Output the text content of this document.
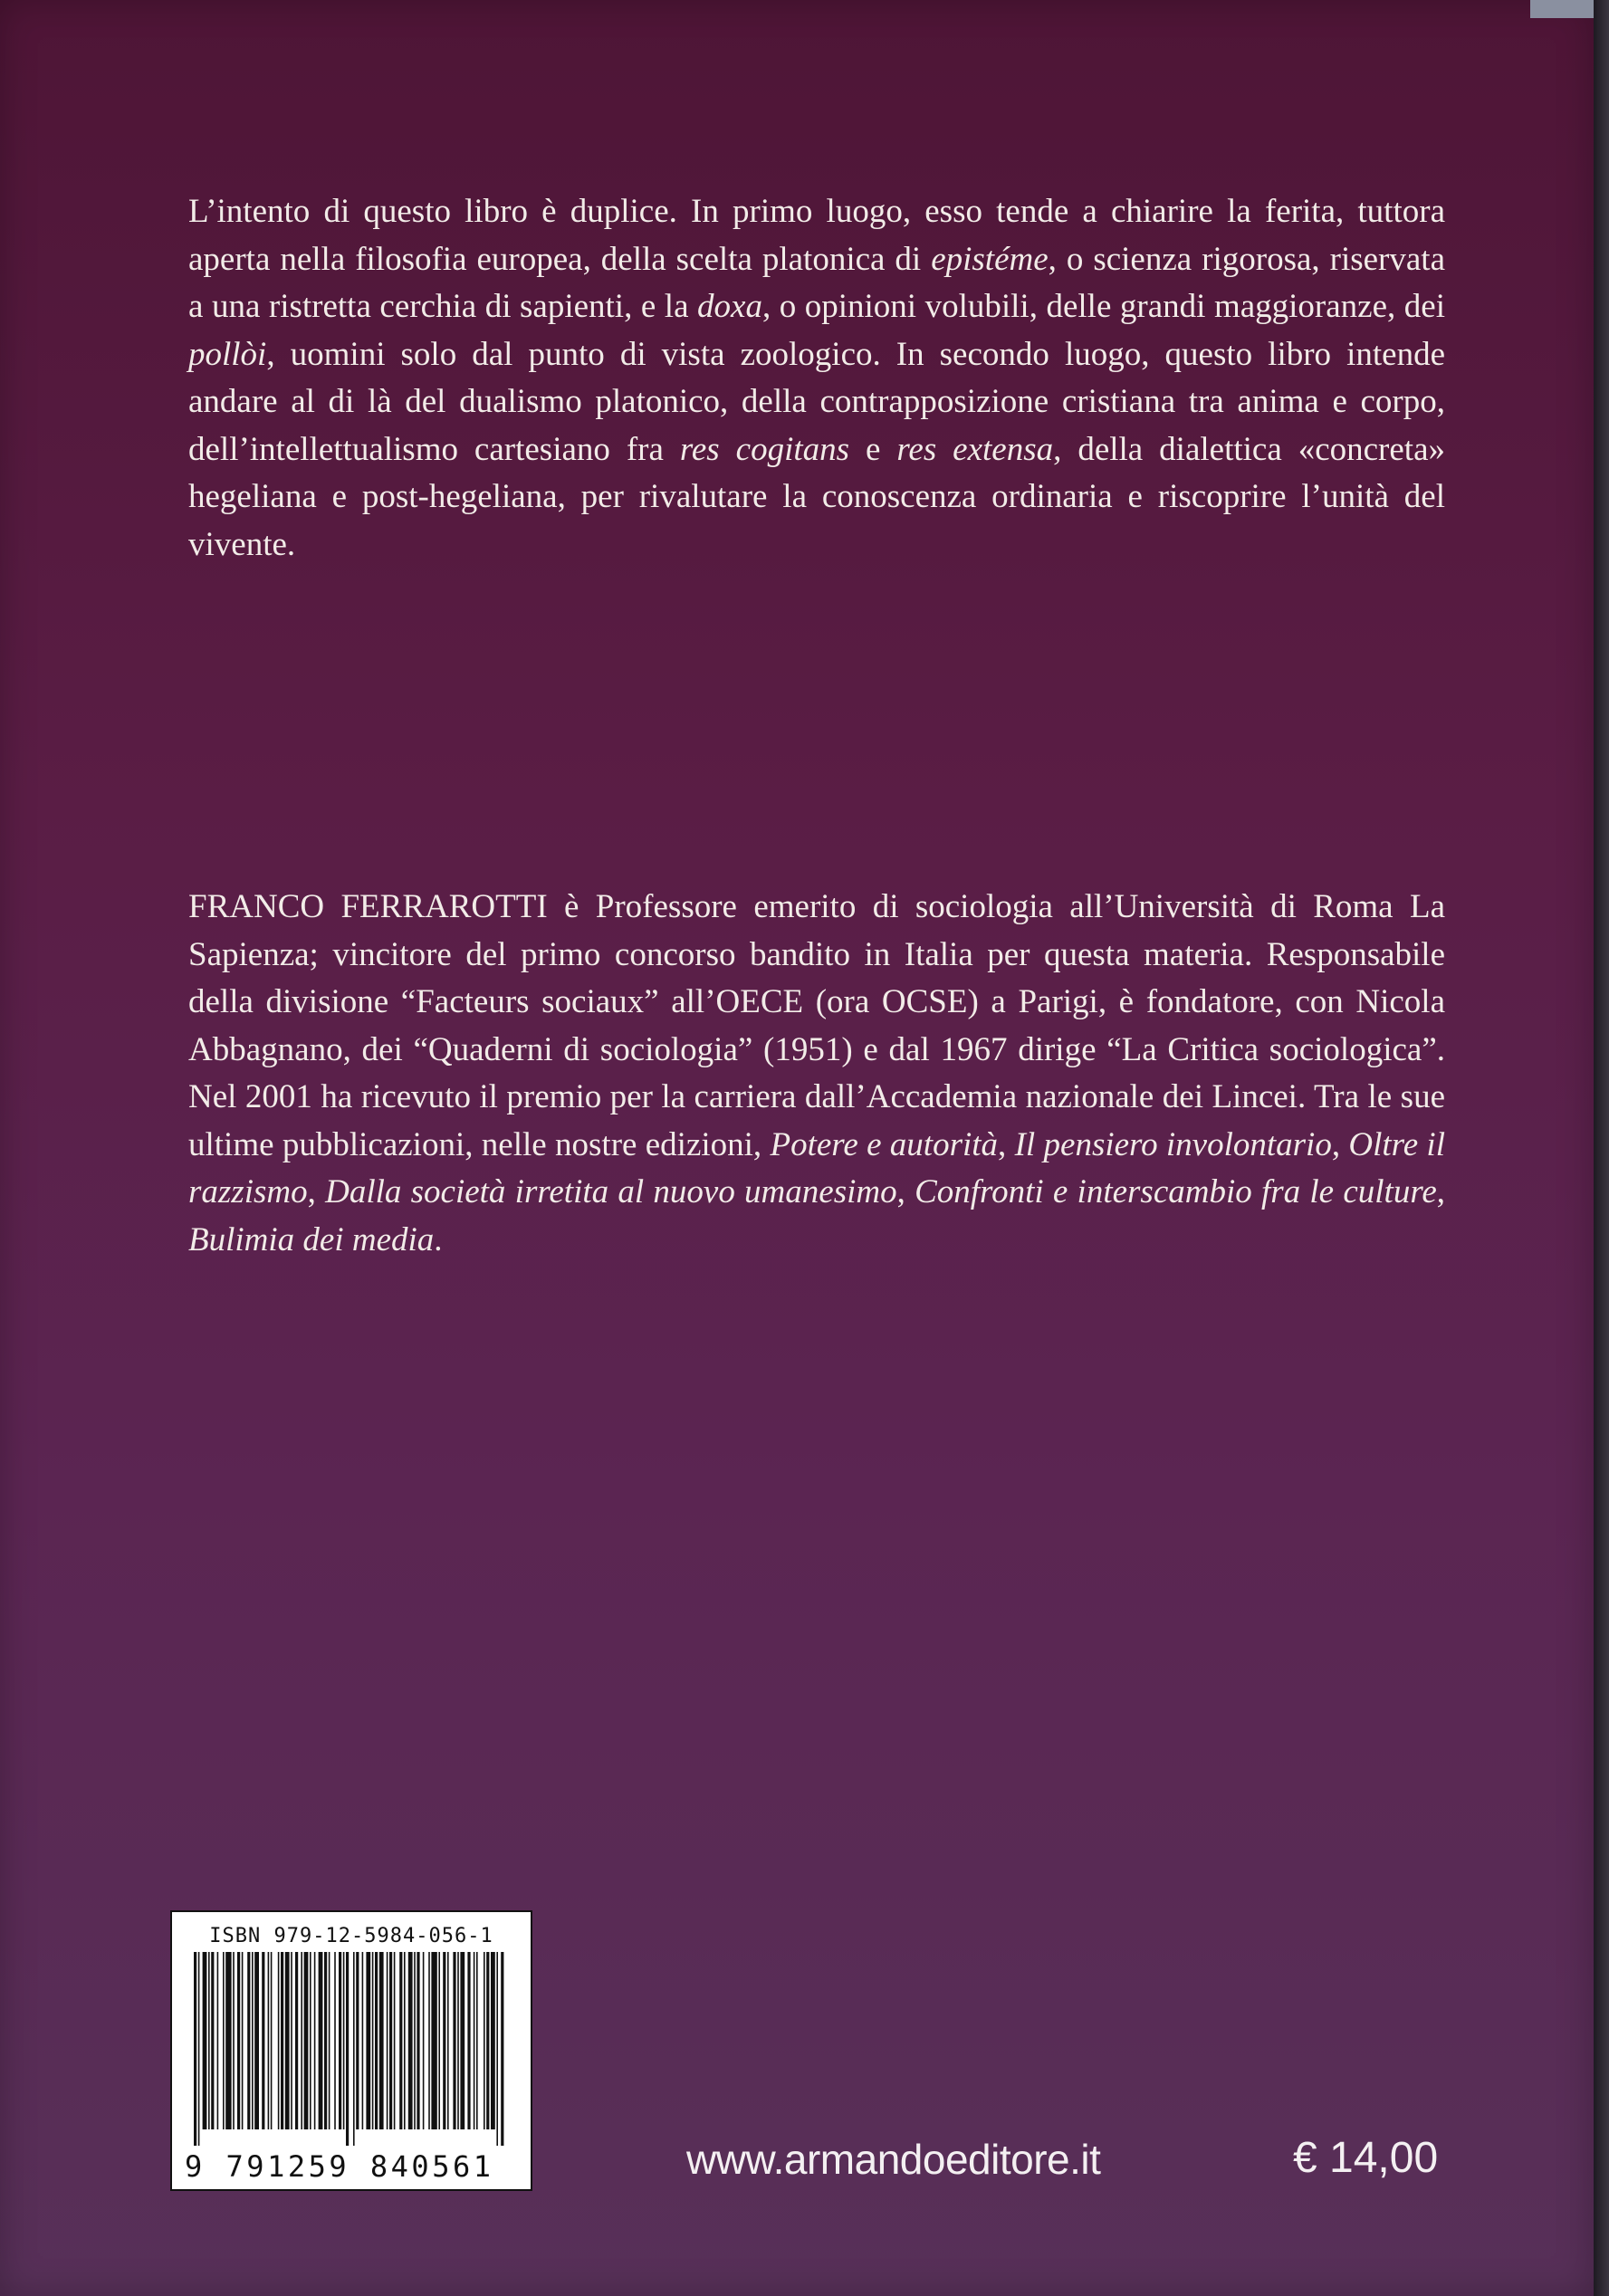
L’intento di questo libro è duplice. In primo luogo, esso tende a chiarire la ferita, tuttora aperta nella filosofia europea, della scelta platonica di epistéme, o scienza rigorosa, riservata a una ristretta cerchia di sapienti, e la doxa, o opinioni volubili, delle grandi maggioranze, dei pollòi, uomini solo dal punto di vista zoologico. In secondo luogo, questo libro intende andare al di là del dualismo platonico, della contrapposizione cristiana tra anima e corpo, dell’intellettualismo cartesiano fra res cogitans e res extensa, della dialettica «concreta» hegeliana e post-hegeliana, per rivalutare la conoscenza ordinaria e riscoprire l’unità del vivente.

FRANCO FERRAROTTI è Professore emerito di sociologia all’Università di Roma La Sapienza; vincitore del primo concorso bandito in Italia per questa materia. Responsabile della divisione “Facteurs sociaux” all’OECE (ora OCSE) a Parigi, è fondatore, con Nicola Abbagnano, dei “Quaderni di sociologia” (1951) e dal 1967 dirige “La Critica sociologica”. Nel 2001 ha ricevuto il premio per la carriera dall’Accademia nazionale dei Lincei. Tra le sue ultime pubblicazioni, nelle nostre edizioni, Potere e autorità, Il pensiero involontario, Oltre il razzismo, Dalla società irretita al nuovo umanesimo, Confronti e interscambio fra le culture, Bulimia dei media.

ISBN 979-12-5984-056-1
9 791259 840561	www.armandoeditore.it	€ 14,00
